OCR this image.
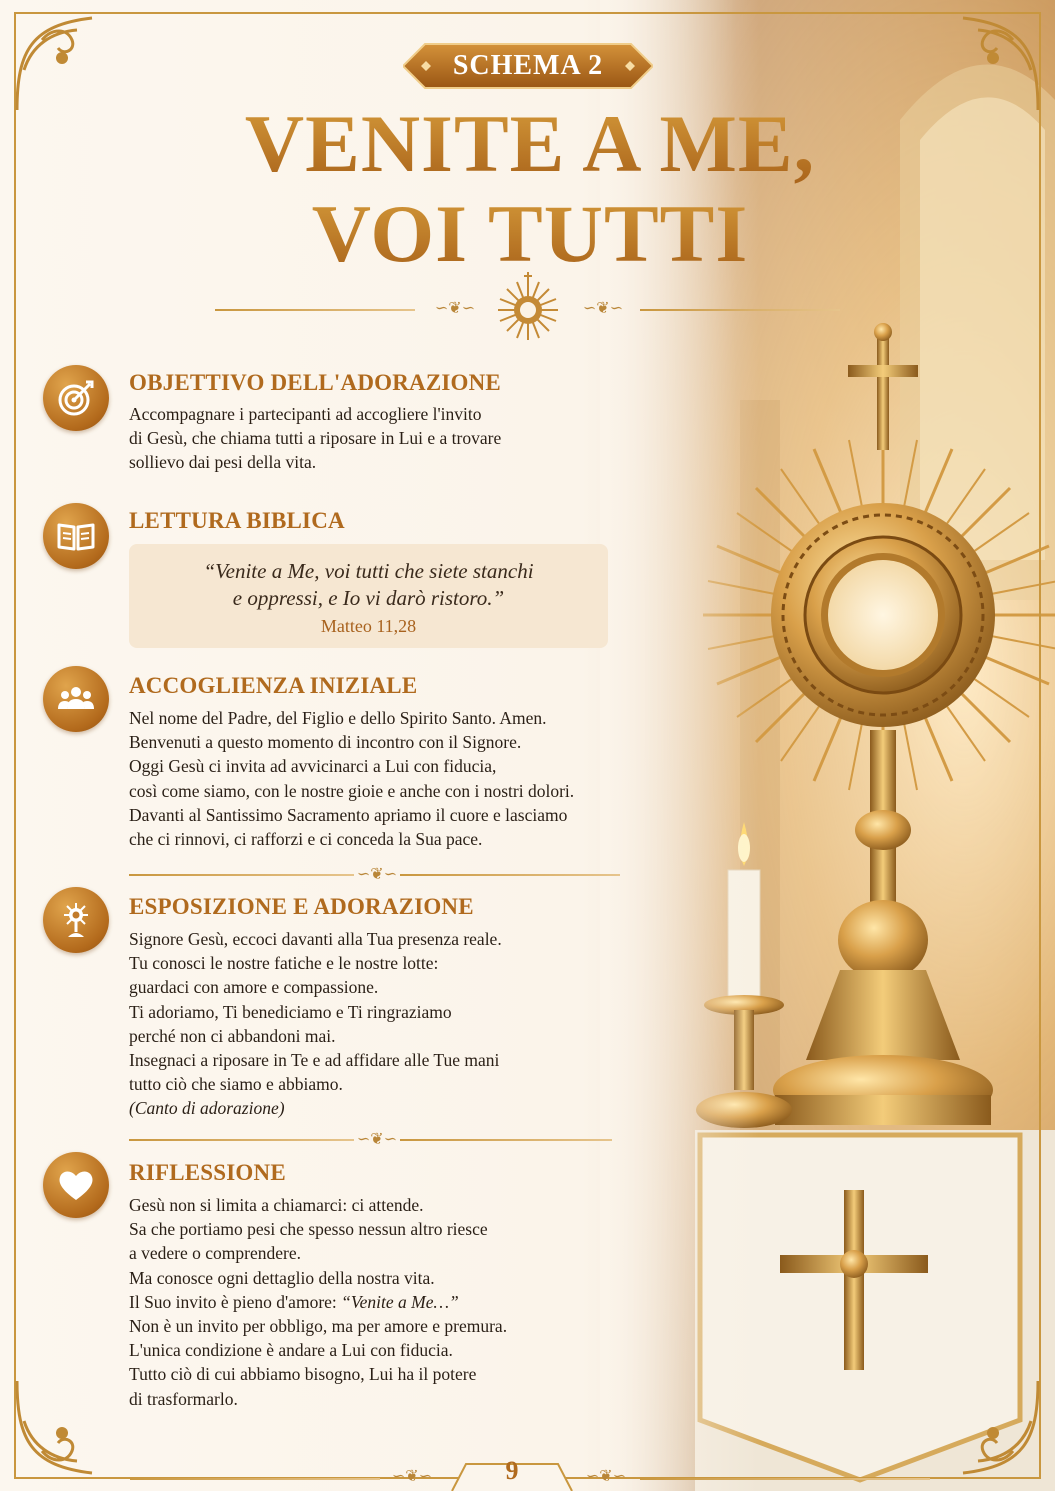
SCHEMA 2
VENITE A ME,
VOI TUTTI
∽❦∽	∽❦∽
OBJETTIVO DELL'ADORAZIONE
Accompagnare i partecipanti ad accogliere l'invito
di Gesù, che chiama tutti a riposare in Lui e a trovare
sollievo dai pesi della vita.
LETTURA BIBLICA
“Venite a Me, voi tutti che siete stanchi
e oppressi, e Io vi darò ristoro.”
Matteo 11,28
ACCOGLIENZA INIZIALE
Nel nome del Padre, del Figlio e dello Spirito Santo. Amen.
Benvenuti a questo momento di incontro con il Signore.
Oggi Gesù ci invita ad avvicinarci a Lui con fiducia,
così come siamo, con le nostre gioie e anche con i nostri dolori.
Davanti al Santissimo Sacramento apriamo il cuore e lasciamo
che ci rinnovi, ci rafforzi e ci conceda la Sua pace.
∽❦∽
ESPOSIZIONE E ADORAZIONE
Signore Gesù, eccoci davanti alla Tua presenza reale.
Tu conosci le nostre fatiche e le nostre lotte:
guardaci con amore e compassione.
Ti adoriamo, Ti benediciamo e Ti ringraziamo
perché non ci abbandoni mai.
Insegnaci a riposare in Te e ad affidare alle Tue mani
tutto ciò che siamo e abbiamo.
(Canto di adorazione)
∽❦∽
RIFLESSIONE
Gesù non si limita a chiamarci: ci attende.
Sa che portiamo pesi che spesso nessun altro riesce
a vedere o comprendere.
Ma conosce ogni dettaglio della nostra vita.
Il Suo invito è pieno d'amore: “Venite a Me…”
Non è un invito per obbligo, ma per amore e premura.
L'unica condizione è andare a Lui con fiducia.
Tutto ciò di cui abbiamo bisogno, Lui ha il potere
di trasformarlo.
∽❦∽	∽❦∽
9
